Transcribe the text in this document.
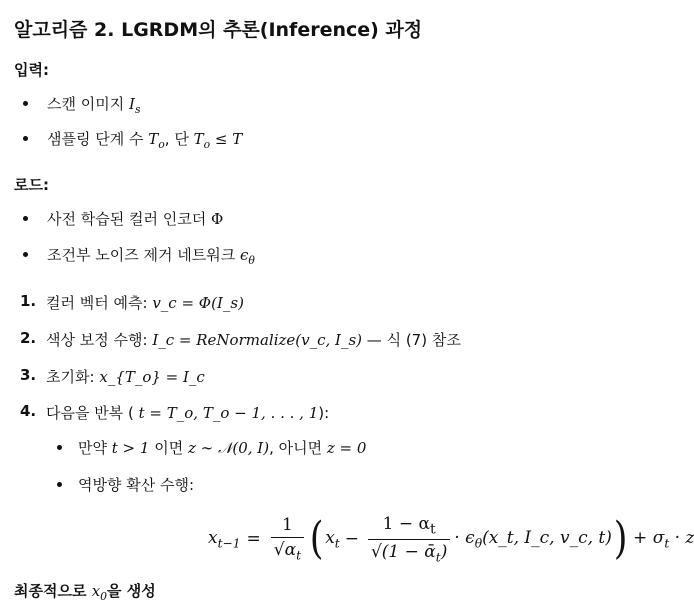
알고리즘 2. LGRDM의 추론(Inference) 과정
입력:
스캔 이미지 $I_s$
샘플링 단계 수 $T_o$, 단 $T_o \le T$
로드:
사전 학습된 컬러 인코더 Φ
조건부 노이즈 제거 네트워크 $\epsilon_\theta$
1. 컬러 벡터 예측: v_c = Φ(I_s)
2. 색상 보정 수행: I_c = ReNormalize(v_c, I_s) — 식 (7) 참조
3. 초기화: x_{T_o} = I_c
4. 다음을 반복 ( t = T_o, T_o − 1, . . . , 1):
만약 t > 1 이면 z ∼ 𝒩(0, I), 아니면 z = 0
역방향 확산 수행:
$x_{t-1} = \frac{1}{√\alpha_t}$ ( $x_t - \frac{1 - \alpha_t}{√(1 - ᾱ_t)}$ · $\epsilon_\theta(x\_t$, I_c, v_c, t) ) + $\sigma_t \cdot z$
최종적으로 $x_0$을 생성
